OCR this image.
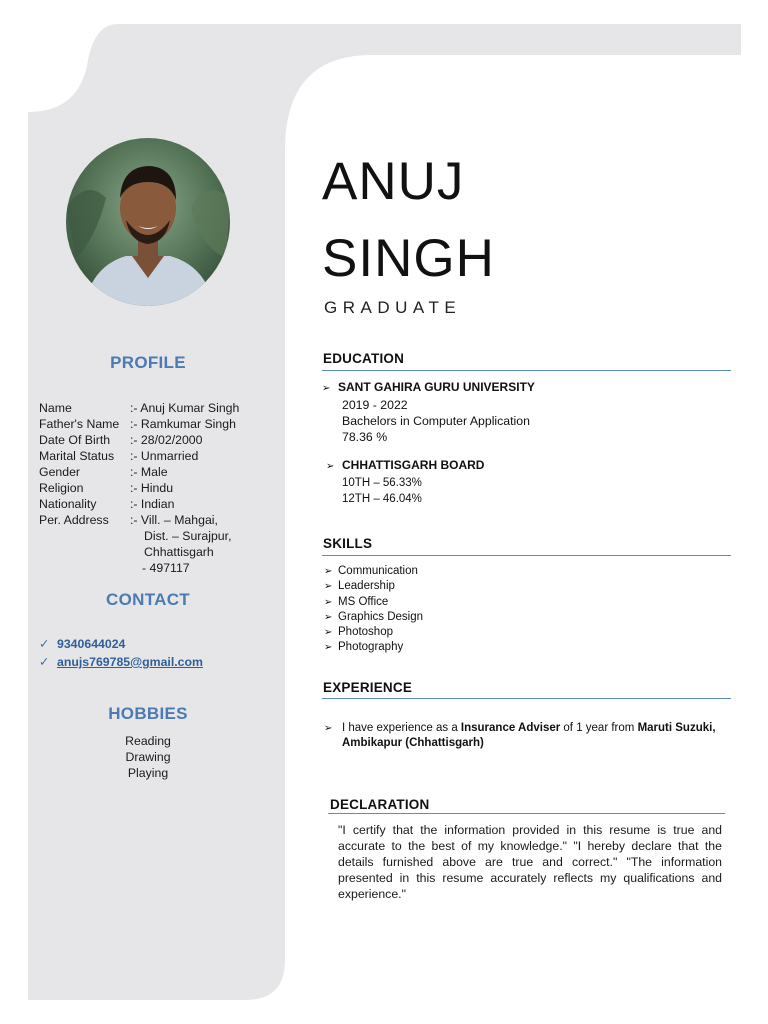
PROFILE
Name	:- Anuj Kumar Singh
Father's Name :- Ramkumar Singh
Date Of Birth	:- 28/02/2000
Marital Status	:- Unmarried
Gender	:- Male
Religion	:- Hindu
Nationality	:- Indian
Per. Address	:- Vill. – Mahgai,
Dist. – Surajpur,
Chhattisgarh
- 497117
CONTACT
✓ 9340644024
✓ anujs769785@gmail.com
HOBBIES
Reading
Drawing
Playing
ANUJ
SINGH
GRADUATE
EDUCATION
➢ SANT GAHIRA GURU UNIVERSITY
2019 - 2022
Bachelors in Computer Application
78.36 %
➢ CHHATTISGARH BOARD
10TH – 56.33%
12TH – 46.04%
SKILLS
➢ Communication
➢ Leadership
➢ MS Office
➢ Graphics Design
➢ Photoshop
➢ Photography
EXPERIENCE
➢ I have experience as a Insurance Adviser of 1 year from Maruti Suzuki, Ambikapur (Chhattisgarh)
DECLARATION
"I certify that the information provided in this resume is true and accurate to the best of my knowledge." "I hereby declare that the details furnished above are true and correct." "The information presented in this resume accurately reflects my qualifications and experience."
